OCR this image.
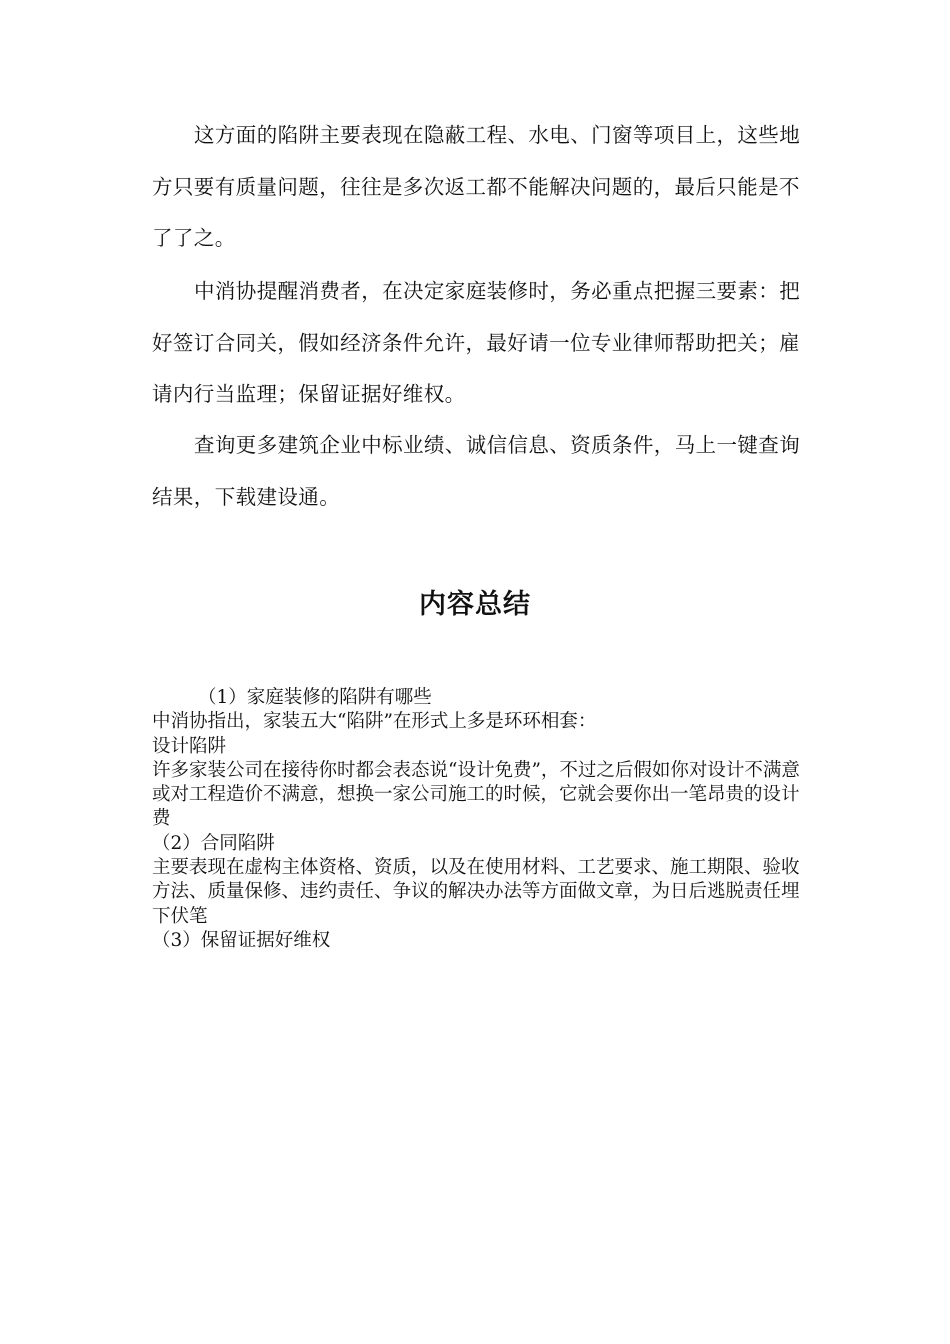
这方面的陷阱主要表现在隐蔽工程、水电、门窗等项目上，这些地方只要有质量问题，往往是多次返工都不能解决问题的，最后只能是不了了之。

中消协提醒消费者，在决定家庭装修时，务必重点把握三要素：把好签订合同关，假如经济条件允许，最好请一位专业律师帮助把关；雇请内行当监理；保留证据好维权。

查询更多建筑企业中标业绩、诚信信息、资质条件，马上一键查询结果，下载建设通。

内容总结
（1）家庭装修的陷阱有哪些
中消协指出，家装五大“陷阱”在形式上多是环环相套：
设计陷阱
许多家装公司在接待你时都会表态说“设计免费”，不过之后假如你对设计不满意或对工程造价不满意，想换一家公司施工的时候，它就会要你出一笔昂贵的设计费
（2）合同陷阱
主要表现在虚构主体资格、资质，以及在使用材料、工艺要求、施工期限、验收方法、质量保修、违约责任、争议的解决办法等方面做文章，为日后逃脱责任埋下伏笔
（3）保留证据好维权
